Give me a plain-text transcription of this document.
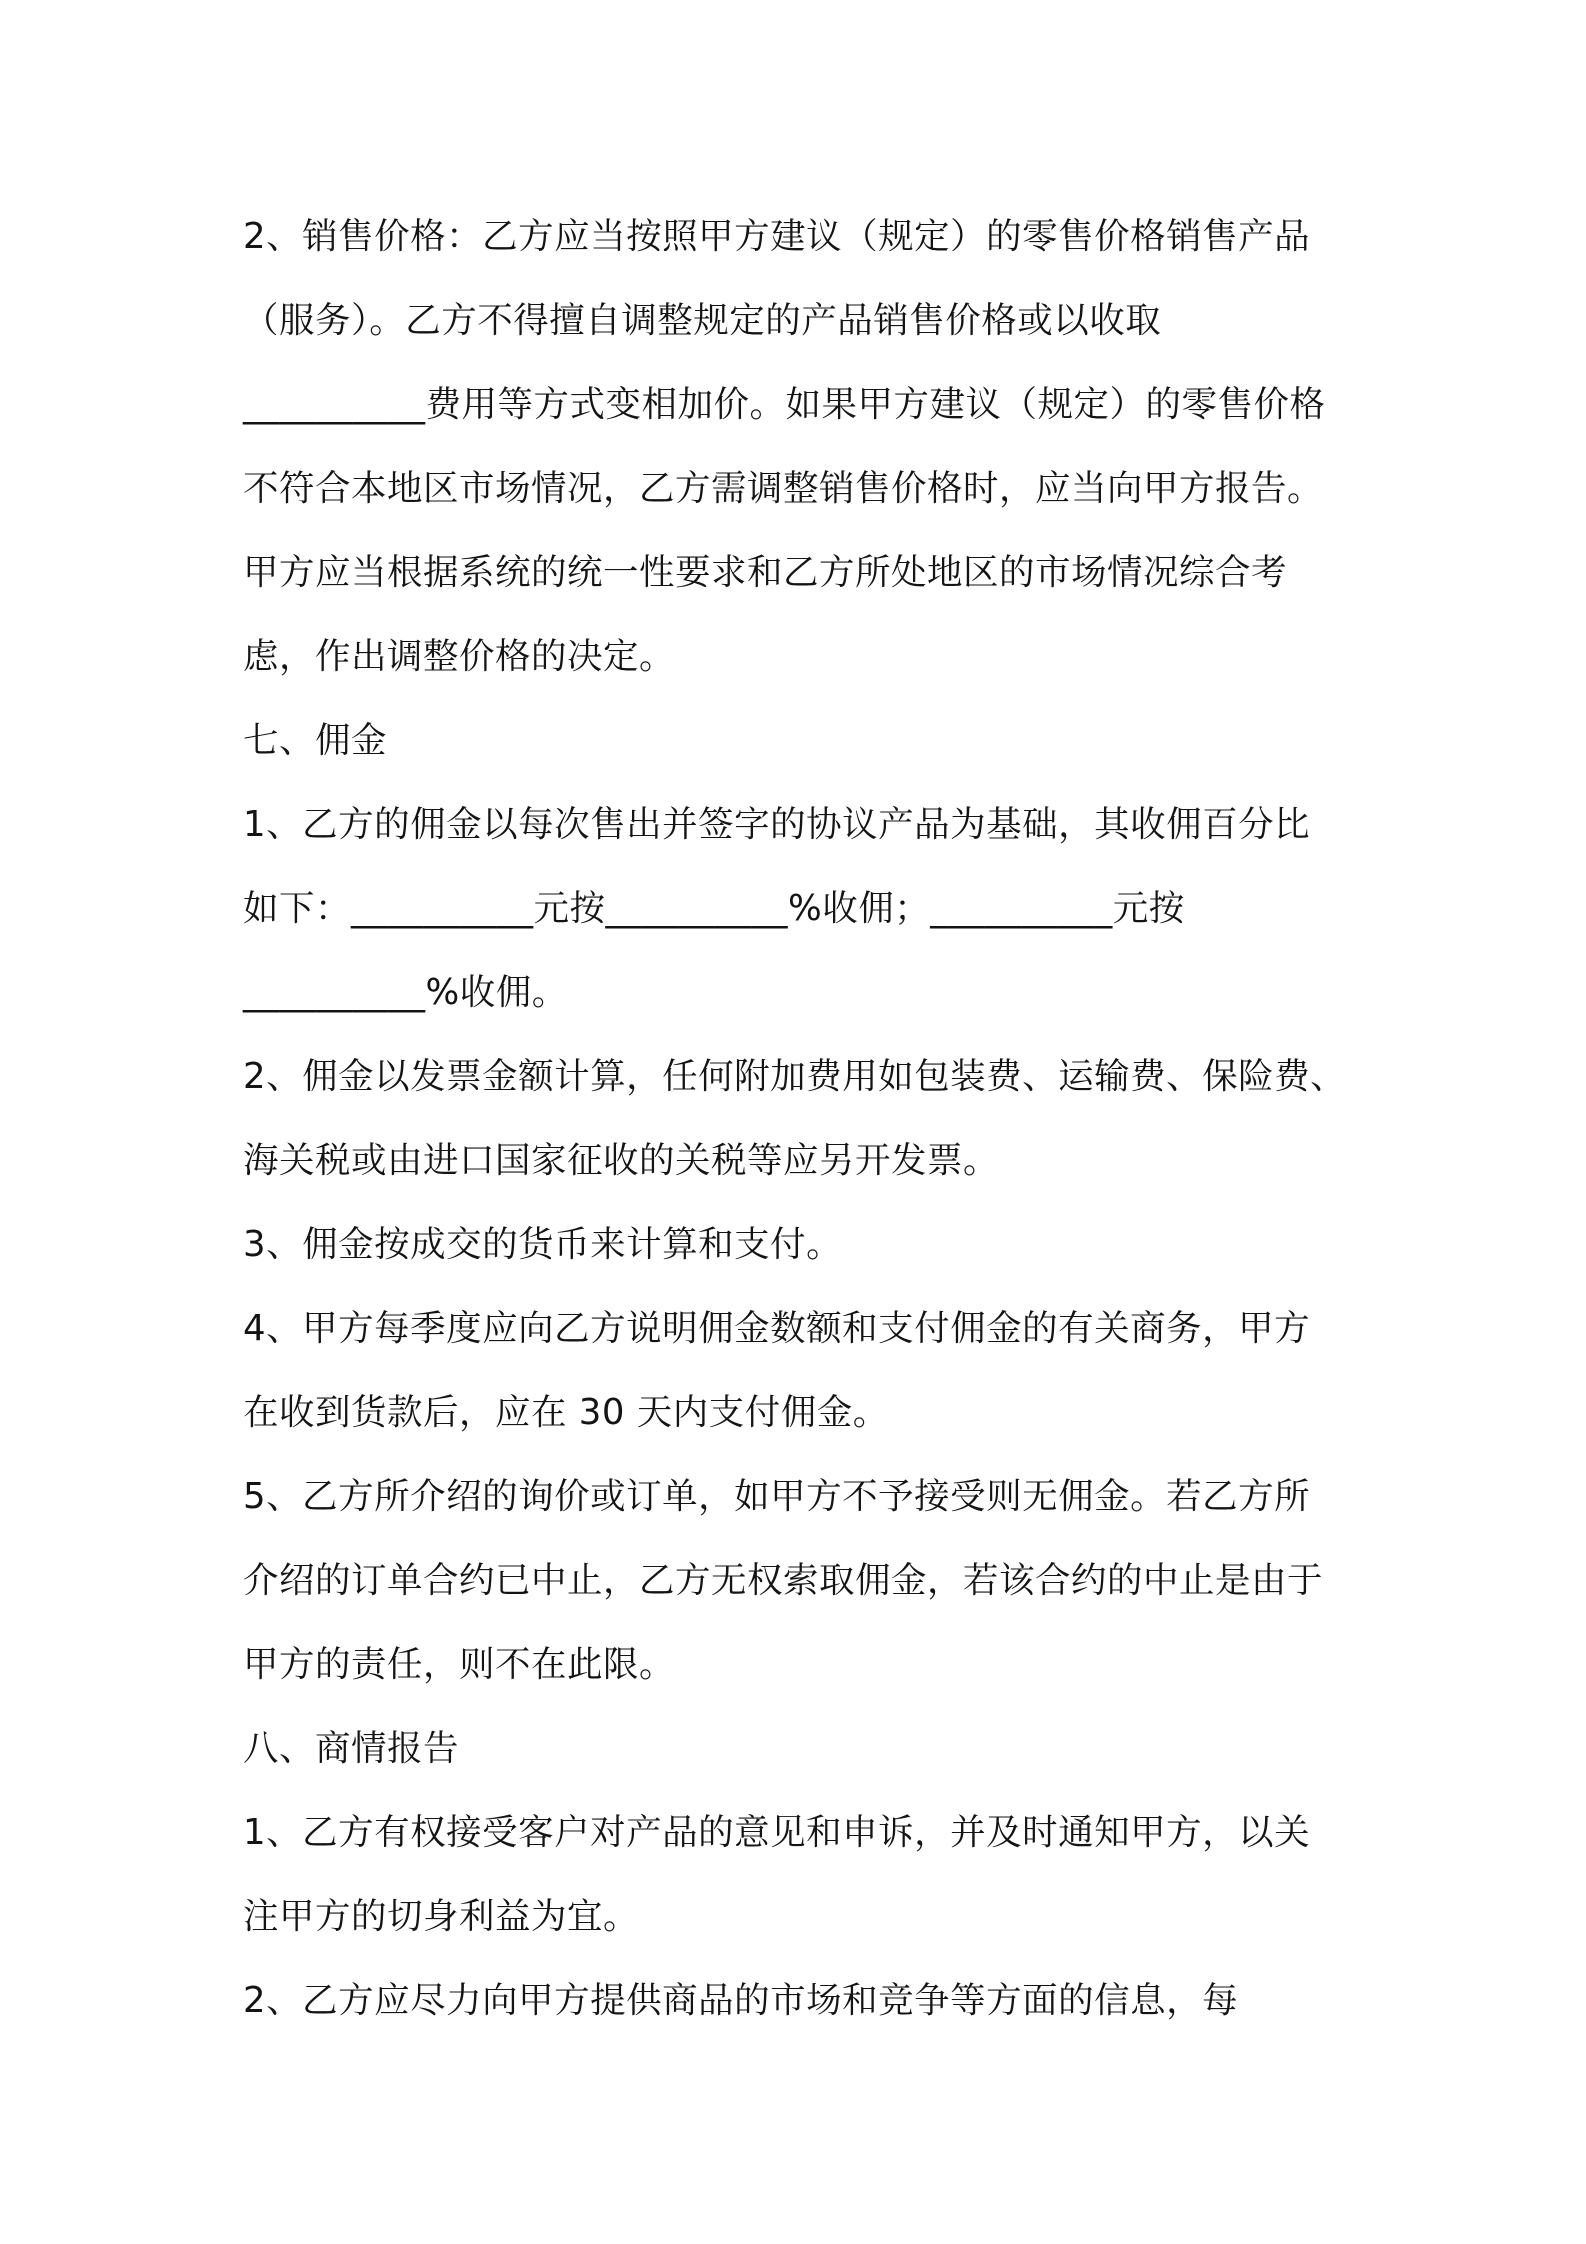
2、销售价格：乙方应当按照甲方建议（规定）的零售价格销售产品
（服务）。乙方不得擅自调整规定的产品销售价格或以收取
__________费用等方式变相加价。如果甲方建议（规定）的零售价格
不符合本地区市场情况，乙方需调整销售价格时，应当向甲方报告。
甲方应当根据系统的统一性要求和乙方所处地区的市场情况综合考
虑，作出调整价格的决定。
七、佣金
1、乙方的佣金以每次售出并签字的协议产品为基础，其收佣百分比
如下：__________元按__________%收佣；__________元按
__________%收佣。
2、佣金以发票金额计算，任何附加费用如包装费、运输费、保险费、
海关税或由进口国家征收的关税等应另开发票。
3、佣金按成交的货币来计算和支付。
4、甲方每季度应向乙方说明佣金数额和支付佣金的有关商务，甲方
在收到货款后，应在 30 天内支付佣金。
5、乙方所介绍的询价或订单，如甲方不予接受则无佣金。若乙方所
介绍的订单合约已中止，乙方无权索取佣金，若该合约的中止是由于
甲方的责任，则不在此限。
八、商情报告
1、乙方有权接受客户对产品的意见和申诉，并及时通知甲方，以关
注甲方的切身利益为宜。
2、乙方应尽力向甲方提供商品的市场和竞争等方面的信息，每
